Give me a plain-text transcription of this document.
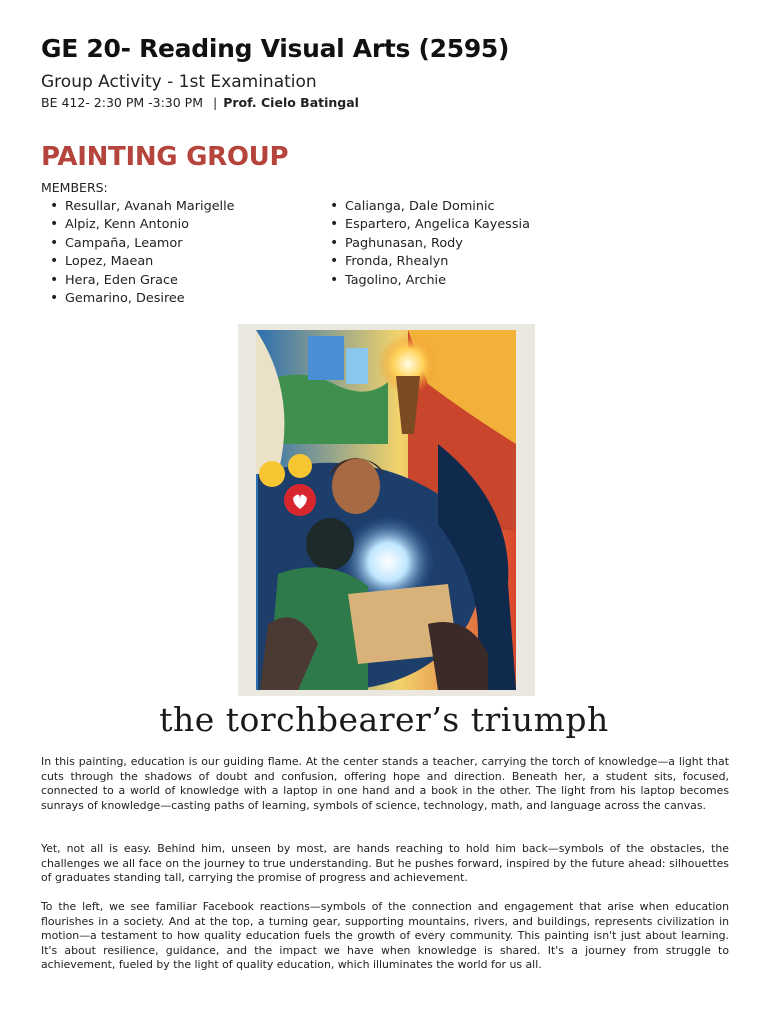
GE 20- Reading Visual Arts (2595)
Group Activity - 1st Examination
BE 412- 2:30 PM -3:30 PM | Prof. Cielo Batingal
PAINTING GROUP
MEMBERS:
• Resullar, Avanah Marigelle
• Alpiz, Kenn Antonio
• Campaña, Leamor
• Lopez, Maean
• Hera, Eden Grace
• Gemarino, Desiree
• Calianga, Dale Dominic
• Espartero, Angelica Kayessia
• Paghunasan, Rody
• Fronda, Rhealyn
• Tagolino, Archie
the torchbearer’s triumph

In this painting, education is our guiding flame. At the center stands a teacher, carrying the torch of knowledge—a light that cuts through the shadows of doubt and confusion, offering hope and direction. Beneath her, a student sits, focused, connected to a world of knowledge with a laptop in one hand and a book in the other. The light from his laptop becomes sunrays of knowledge—casting paths of learning, symbols of science, technology, math, and language across the canvas.

Yet, not all is easy. Behind him, unseen by most, are hands reaching to hold him back—symbols of the obstacles, the challenges we all face on the journey to true understanding. But he pushes forward, inspired by the future ahead: silhouettes of graduates standing tall, carrying the promise of progress and achievement.

To the left, we see familiar Facebook reactions—symbols of the connection and engagement that arise when education flourishes in a society. And at the top, a turning gear, supporting mountains, rivers, and buildings, represents civilization in motion—a testament to how quality education fuels the growth of every community. This painting isn't just about learning. It's about resilience, guidance, and the impact we have when knowledge is shared. It's a journey from struggle to achievement, fueled by the light of quality education, which illuminates the world for us all.
